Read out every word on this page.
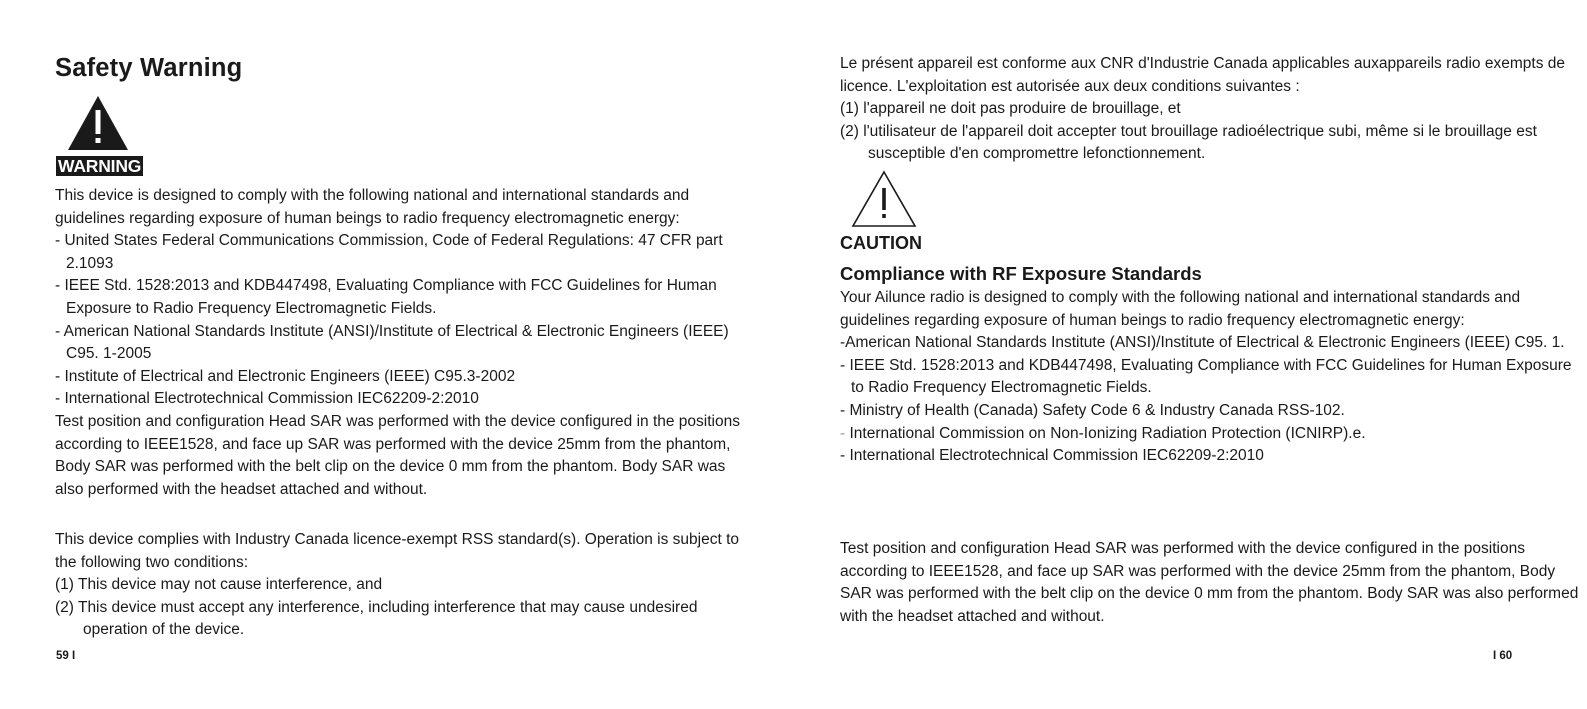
Safety Warning
WARNING

This device is designed to comply with the following national and international standards and guidelines regarding exposure of human beings to radio frequency electromagnetic energy:

- United States Federal Communications Commission, Code of Federal Regulations: 47 CFR part 2.1093

- IEEE Std. 1528:2013 and KDB447498, Evaluating Compliance with FCC Guidelines for Human Exposure to Radio Frequency Electromagnetic Fields.

- American National Standards Institute (ANSI)/Institute of Electrical & Electronic Engineers (IEEE) C95. 1-2005

- Institute of Electrical and Electronic Engineers (IEEE) C95.3-2002

- International Electrotechnical Commission IEC62209-2:2010

Test position and configuration Head SAR was performed with the device configured in the positions according to IEEE1528, and face up SAR was performed with the device 25mm from the phantom, Body SAR was performed with the belt clip on the device 0 mm from the phantom. Body SAR was also performed with the headset attached and without.

This device complies with Industry Canada licence-exempt RSS standard(s). Operation is subject to the following two conditions:

(1) This device may not cause interference, and

(2) This device must accept any interference, including interference that may cause undesired operation of the device.

59 I

Le présent appareil est conforme aux CNR d'Industrie Canada applicables auxappareils radio exempts de licence. L'exploitation est autorisée aux deux conditions suivantes :

(1) l'appareil ne doit pas produire de brouillage, et

(2) l'utilisateur de l'appareil doit accepter tout brouillage radioélectrique subi, même si le brouillage est susceptible d'en compromettre lefonctionnement.

CAUTION
Compliance with RF Exposure Standards

Your Ailunce radio is designed to comply with the following national and international standards and guidelines regarding exposure of human beings to radio frequency electromagnetic energy:

-American National Standards Institute (ANSI)/Institute of Electrical & Electronic Engineers (IEEE) C95. 1.

- IEEE Std. 1528:2013 and KDB447498, Evaluating Compliance with FCC Guidelines for Human Exposure to Radio Frequency Electromagnetic Fields.

- Ministry of Health (Canada) Safety Code 6 & Industry Canada RSS-102.

- International Commission on Non-Ionizing Radiation Protection (ICNIRP).e.

- International Electrotechnical Commission IEC62209-2:2010

Test position and configuration Head SAR was performed with the device configured in the positions according to IEEE1528, and face up SAR was performed with the device 25mm from the phantom, Body SAR was performed with the belt clip on the device 0 mm from the phantom. Body SAR was also performed with the headset attached and without.

I 60
